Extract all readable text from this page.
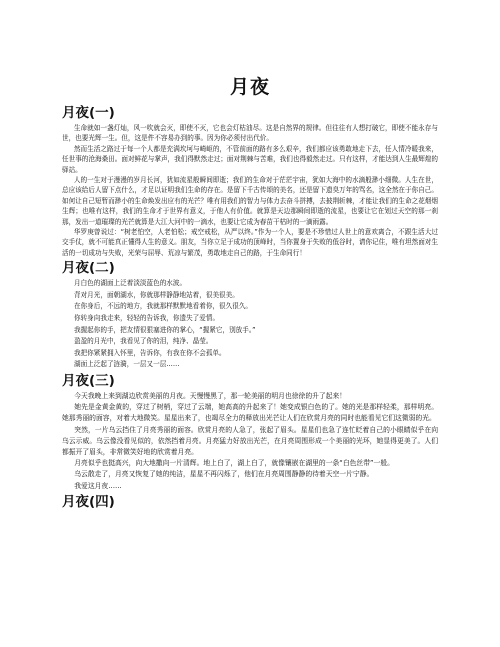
月夜
月夜(一)

生命就如一盏灯灿，风一吹就会灭，即使不灭，它也会灯枯油尽。这是自然界的规律。但往往有人想打破它，即使不能永存与世，也要光辉一生。但，这是件不容易办到的事。因为你必须付出代价。

然而生活之路过于每一个人都是充满坎坷与崎岖的，不管前面的路有多么艰辛，我们都应该勇敢地走下去，任人情冷暖我来，任世事的沧海桑田。面对鲜花与掌声，我们得默然走过；面对荆棘与苦难，我们也得毅然走过。只有这样，才能达到人生最辉煌的驿站。

人的一生对于漫漫的岁月长河，犹如流星般瞬间即逝；我们的生命对于茫茫宇宙，犹如大海中的水滴般渺小细微。人生在世，总应该给后人留下点什么，才足以证明我们生命的存在。是留下千古传颂的美名，还是留下遗臭万年的骂名，这全然在于你自己。如何让自己短暂而渺小的生命焕发出应有的光芒？唯有用我们的智力与体力去奋斗拼搏，去披荆斩棘，才能让我们的生命之花烟烟生辉；也唯有这样，我们的生命才于世界有意义，于他人有价值。就算是天边那瞬间即逝的流星，也要让它在划过天空的那一刹那，发出一道璀璨的光芒就算是大江大河中的一滴水，也要让它成为春苗干枯时的一滴雨露。

华罗庚曾说过：“树老怕空，人老怕松；戒空戒松，从严以终。”作为一个人，要是不珍惜过人世上的意欢离合，不跟生活大过交手仗，就不可能真正懂得人生的意义。朋友，当你立足于成功的顶峰时，当你置身于失败的低谷时，请你记住，唯有坦然面对生活的一切成功与失败，光荣与屈辱、荒凉与繁茂，勇敢地走自己的路，于生命同行！

月夜(二)
月白色的湖面上泛着淡淡蓝色的水波。
背对月光，面朝湖水，你就那样静静地站着，很美很美。
在你身后，不远的地方，我就那样默默地看着你，很久很久。
你转身向我走来，轻轻的告诉我，你遗失了爱情。
我握起你的手，把友情很狠塞进你的掌心，“握紧它，别放手。”
盈盈的月光中，我看见了你的泪，纯净、晶莹。
我把你紧紧拥入怀里，告诉你，有我在你不会孤单。
湖面上泛起了涟漪，一层又一层……
月夜(三)

今天我晚上来到湖边欣赏美丽的月夜。天慢慢黑了，那一轮美丽的明月也徐徐的升了起来！

她先是金黄金黄的，穿过了树梢，穿过了云端，她高高的升起来了！她变成银白色的了。她的光是那样轻柔，那样明亮。她那秀丽的面容，对着大地微笑。星星出来了，也竭尽全力的释放出光芒让人们在欣赏月亮的同时也能看见它们这微弱的光。

突然，一片乌云挡住了月亮秀丽的面容。欣赏月亮的人急了，张起了眉头。星星们也急了连忙眨着自己的小眼睛似乎在向乌云示威。乌云像没看见似的，依然挡着月亮。月亮猛力好放出光芒，在月亮周围形成一个美丽的光环，她显得更美了。人们都振开了眉头，非常微笑好地的欣赏着月亮。

月亮似乎也挺高兴，向大地撒向一片清辉。地上白了，湖上白了，就像镶嵌在湖里的一条“白色丝带”一般。

乌云散走了，月亮又恢复了她的纯洁，星星不再闪烁了，他们在月亮周围静静的待着天空一片宁静。

我爱这月夜……

月夜(四)
